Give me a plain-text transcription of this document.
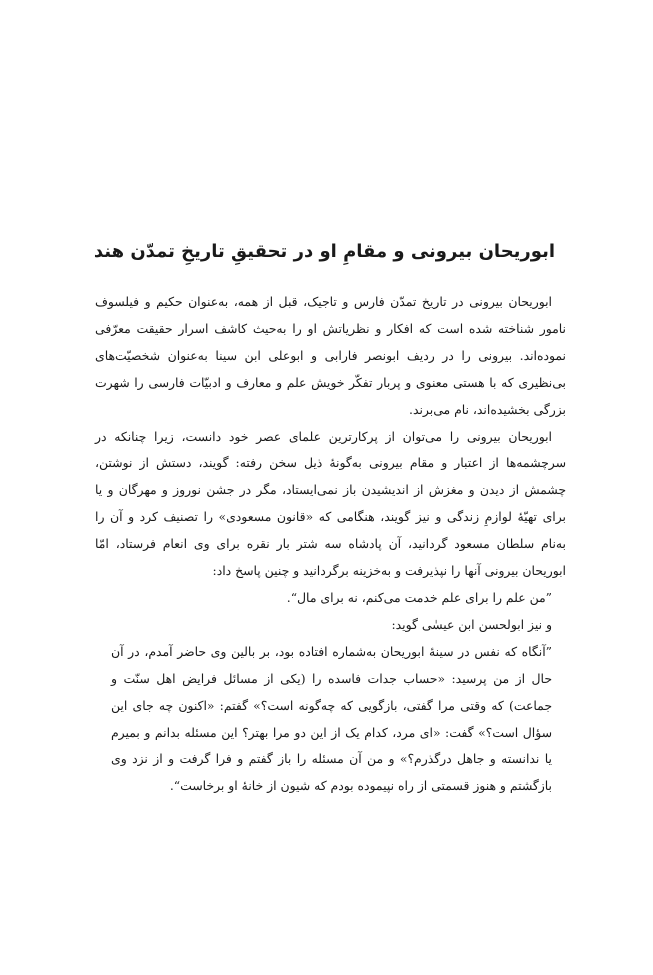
ابوریحان بیرونی و مقامِ او در تحقیقِ تاریخِ تمدّن هند

ابوریحان بیرونی در تاریخ تمدّن فارس و تاجیک، قبل از همه، به‌عنوان حکیم و فیلسوف نامور شناخته شده است که افکار و نظریاتش او را به‌حیث کاشف اسرار حقیقت معرّفی نموده‌اند. بیرونی را در ردیف ابونصر فارابی و ابوعلی ابن سینا به‌عنوان شخصیّت‌های بی‌نظیری که با هستی معنوی و پربار تفکّر خویش علم و معارف و ادبیّات فارسی را شهرت بزرگی بخشیده‌اند، نام می‌برند.

ابوریحان بیرونی را می‌توان از پرکارترین علمای عصر خود دانست، زیرا چنانکه در سرچشمه‌ها از اعتبار و مقام بیرونی به‌گونهٔ ذیل سخن رفته: گویند، دستش از نوشتن، چشمش از دیدن و مغزش از اندیشیدن باز نمی‌ایستاد، مگر در جشن نوروز و مهرگان و یا برای تهیّهٔ لوازمِ زندگی و نیز گویند، هنگامی که «قانون مسعودی» را تصنیف کرد و آن را به‌نام سلطان مسعود گردانید، آن پادشاه سه شتر بار نقره برای وی انعام فرستاد، امّا ابوریحان بیرونی آنها را نپذیرفت و به‌خزینه برگردانید و چنین پاسخ داد:

”من علم را برای علم خدمت می‌کنم، نه برای مال“.

و نیز ابولحسن ابن عیسٰی گوید:

”آنگاه که نفس در سینهٔ ابوریحان به‌شماره افتاده بود، بر بالین وی حاضر آمدم، در آن حال از من پرسید: «حساب جدات فاسده را (یکی از مسائل فرایض اهل سنّت و جماعت) که وقتی مرا گفتی، بازگویی که چه‌گونه است؟» گفتم: «اکنون چه جای این سؤال است؟» گفت: «ای مرد، کدام یک از این دو مرا بهتر؟ این مسئله بدانم و بمیرم یا ندانسته و جاهل درگذرم؟» و من آن مسئله را باز گفتم و فرا گرفت و از نزد وی بازگشتم و هنوز قسمتی از راه نپیموده بودم که شیون از خانهٔ او برخاست“.
